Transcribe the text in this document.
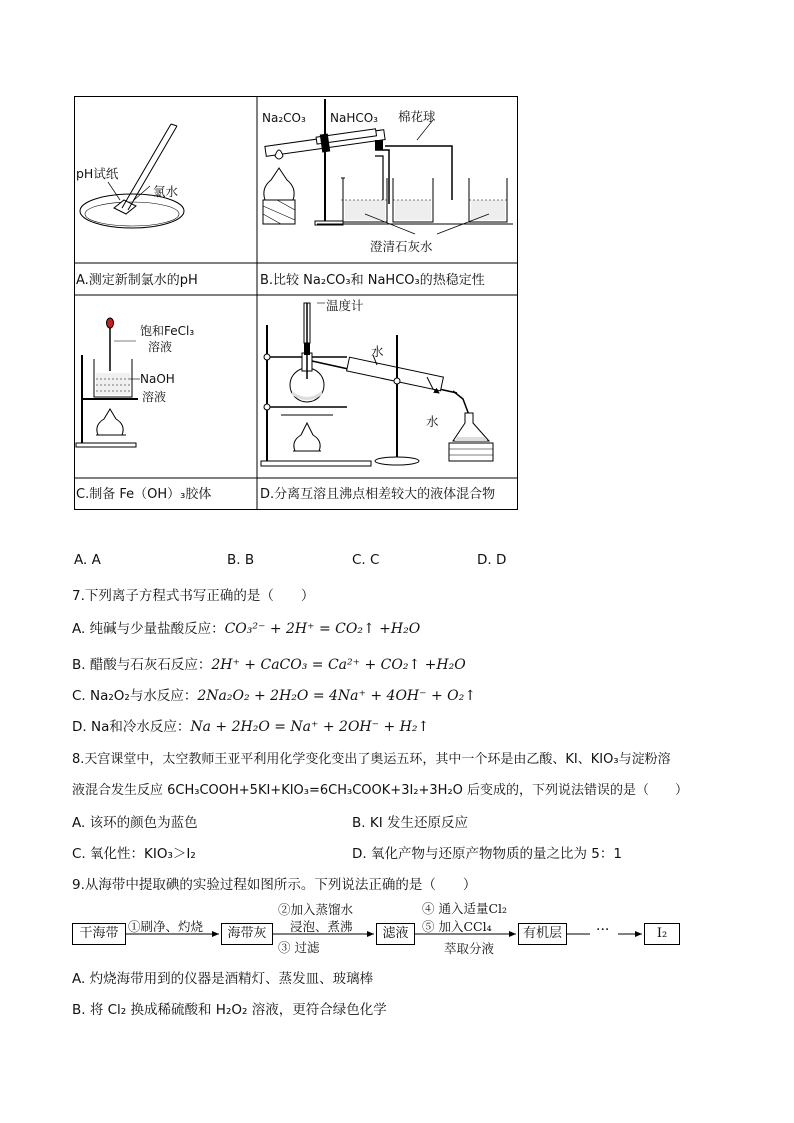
pH试纸
氯水
Na₂CO₃ NaHCO₃ 棉花球
澄清石灰水
A.测定新制氯水的pH	B.比较 Na₂CO₃和 NaHCO₃的热稳定性
饱和FeCl₃
溶液
NaOH
溶液
温度计
水
水
C.制备 Fe（OH）₃胶体	D.分离互溶且沸点相差较大的液体混合物
A. A	B. B	C. C	D. D
7.下列离子方程式书写正确的是（　　）
A. 纯碱与少量盐酸反应：CO₃²⁻ + 2H⁺ = CO₂↑ +H₂O
B. 醋酸与石灰石反应：2H⁺ + CaCO₃ = Ca²⁺ + CO₂↑ +H₂O
C. Na₂O₂与水反应：2Na₂O₂ + 2H₂O = 4Na⁺ + 4OH⁻ + O₂↑
D. Na和冷水反应：Na + 2H₂O = Na⁺ + 2OH⁻ + H₂↑
8.天宫课堂中，太空教师王亚平利用化学变化变出了奥运五环，其中一个环是由乙酸、KI、KIO₃与淀粉溶
液混合发生反应 6CH₃COOH+5KI+KIO₃=6CH₃COOK+3I₂+3H₂O 后变成的，下列说法错误的是（　　）
A. 该环的颜色为蓝色	B. KI 发生还原反应
C. 氧化性：KIO₃＞I₂	D. 氧化产物与还原产物物质的量之比为 5：1
9.从海带中提取碘的实验过程如图所示。下列说法正确的是（　　）
干海带	海带灰	滤液	有机层	I₂
①刷净、灼烧
②加入蒸馏水
浸泡、煮沸
③ 过滤
④ 通入适量Cl₂
⑤ 加入CCl₄
萃取分液
···
A. 灼烧海带用到的仪器是酒精灯、蒸发皿、玻璃棒
B. 将 Cl₂ 换成稀硫酸和 H₂O₂ 溶液，更符合绿色化学
